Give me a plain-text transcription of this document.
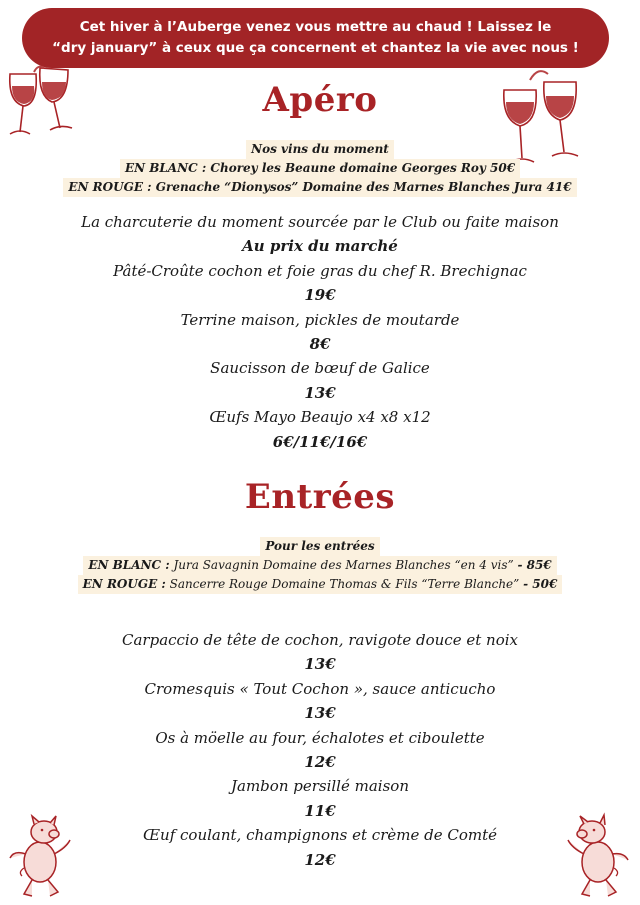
Cet hiver à l’Auberge venez vous mettre au chaud ! Laissez le
“dry january” à ceux que ça concernent et chantez la vie avec nous !
Apéro
Nos vins du moment
EN BLANC : Chorey les Beaune domaine Georges Roy 50€
EN ROUGE : Grenache “Dionysos” Domaine des Marnes Blanches Jura 41€
La charcuterie du moment sourcée par le Club ou faite maison
Au prix du marché
Pâté-Croûte cochon et foie gras du chef R. Brechignac
19€
Terrine maison, pickles de moutarde
8€
Saucisson de bœuf de Galice
13€
Œufs Mayo Beaujo x4 x8 x12
6€/11€/16€
Entrées
Pour les entrées
EN BLANC : Jura Savagnin Domaine des Marnes Blanches “en 4 vis” - 85€
EN ROUGE : Sancerre Rouge Domaine Thomas & Fils “Terre Blanche” - 50€
Carpaccio de tête de cochon, ravigote douce et noix
13€
Cromesquis « Tout Cochon », sauce anticucho
13€
Os à möelle au four, échalotes et ciboulette
12€
Jambon persillé maison
11€
Œuf coulant, champignons et crème de Comté
12€
